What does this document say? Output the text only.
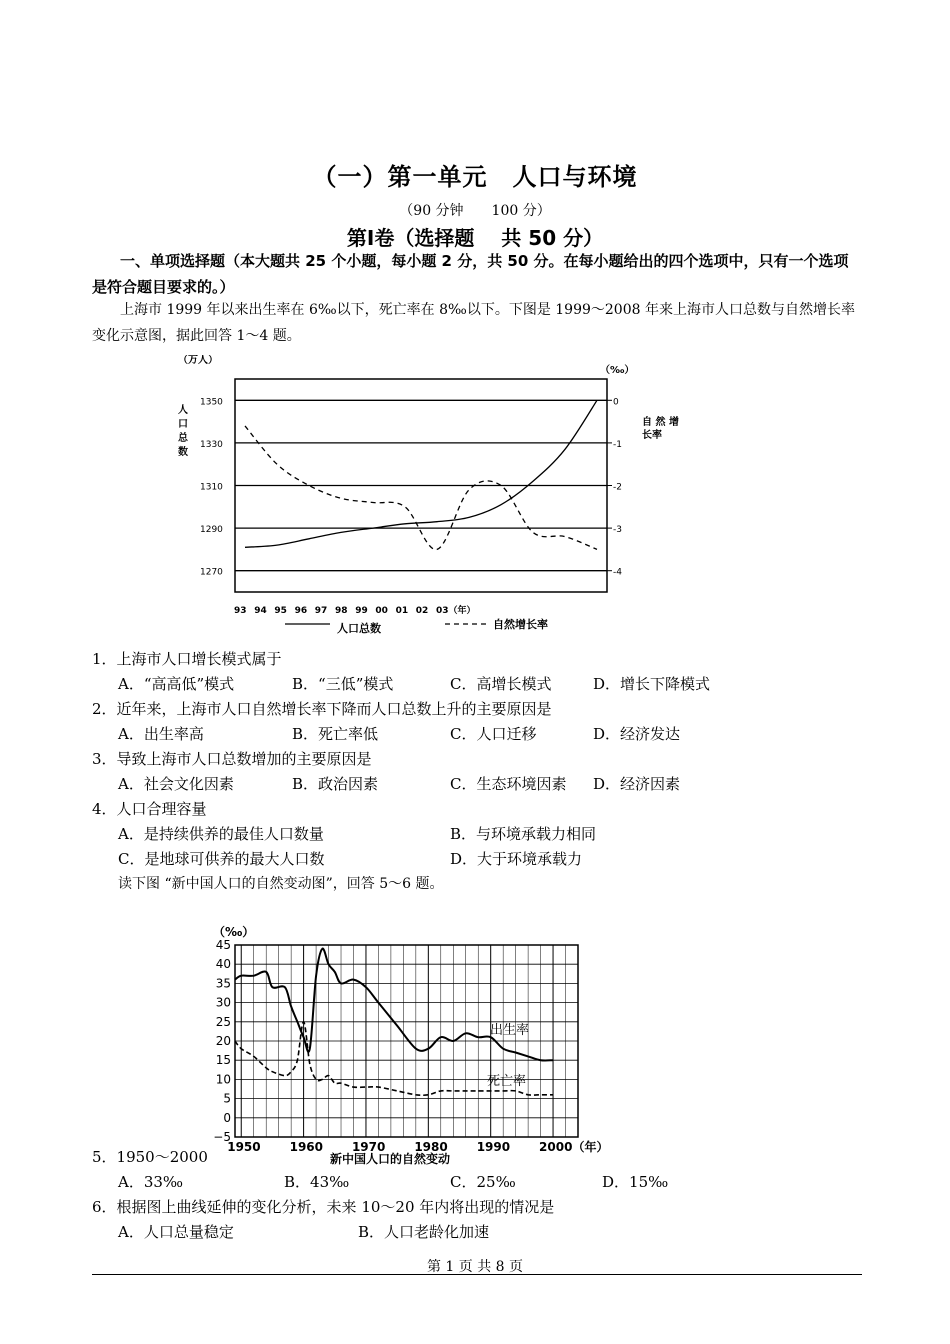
（一）第一单元　人口与环境
（90 分钟　　100 分）
第Ⅰ卷（选择题　 共 50 分）
一、单项选择题（本大题共 25 个小题，每小题 2 分，共 50 分。在每小题给出的四个选项中，只有一个选项是符合题目要求的。）
上海市 1999 年以来出生率在 6‰以下，死亡率在 8‰以下。下图是 1999～2008 年来上海市人口总数与自然增长率变化示意图，据此回答 1～4 题。
（万人）
人
口
总
数
（‰）
自 然 增
长率
1350
1330
1310
1290
1270
0
-1
-2
-3
-4
93 94 95 96 97 98 99 00 01 02 03（年）
人口总数	自然增长率
1．上海市人口增长模式属于
A．“高高低”模式	B．“三低”模式	C．高增长模式	D．增长下降模式
2．近年来，上海市人口自然增长率下降而人口总数上升的主要原因是
A．出生率高	B．死亡率低	C．人口迁移	D．经济发达
3．导致上海市人口总数增加的主要原因是
A．社会文化因素	B．政治因素	C．生态环境因素 D．经济因素
4．人口合理容量
A．是持续供养的最佳人口数量	B．与环境承载力相同
C．是地球可供养的最大人口数	D．大于环境承载力
读下图 “新中国人口的自然变动图”，回答 5～6 题。
（‰）
45
40
35
30
25
20
15
10
5
0
−5
1950 1960 1970 1980 1990 2000（年）
出生率
死亡率
新中国人口的自然变动
5．1950～2000
A．33‰	B．43‰	C．25‰	D．15‰
6．根据图上曲线延伸的变化分析，未来 10～20 年内将出现的情况是
A．人口总量稳定	B．人口老龄化加速
第 1 页 共 8 页
